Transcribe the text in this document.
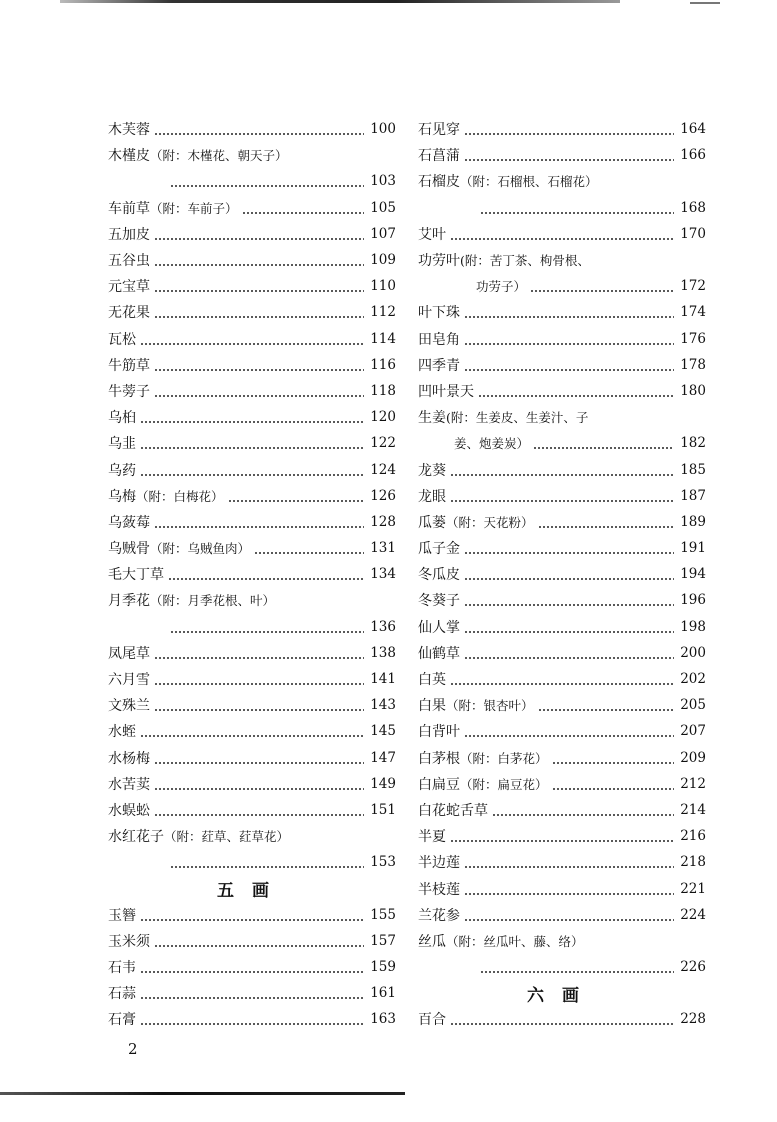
木芙蓉	100
木槿皮 （附：木槿花、朝天子）
103
车前草 （附：车前子）	105
五加皮	107
五谷虫	109
元宝草	110
无花果	112
瓦松	114
牛筋草	116
牛蒡子	118
乌桕	120
乌韭	122
乌药	124
乌梅 （附：白梅花）	126
乌蔹莓	128
乌贼骨 （附：乌贼鱼肉）	131
毛大丁草	134
月季花 （附：月季花根、叶）
136
凤尾草	138
六月雪	141
文殊兰	143
水蛭	145
水杨梅	147
水苦荬	149
水蜈蚣	151
水红花子 （附：荭草、荭草花）
153
五画
玉簪	155
玉米须	157
石韦	159
石蒜	161
石膏	163
石见穿	164
石菖蒲	166
石榴皮 （附：石榴根、石榴花）
168
艾叶	170
功劳叶 (附：苦丁茶、枸骨根、
功劳子）	172
叶下珠	174
田皂角	176
四季青	178
凹叶景天	180
生姜 (附：生姜皮、生姜汁、子
姜、炮姜炭）	182
龙葵	185
龙眼	187
瓜蒌 （附：天花粉）	189
瓜子金	191
冬瓜皮	194
冬葵子	196
仙人掌	198
仙鹤草	200
白英	202
白果 （附：银杏叶）	205
白背叶	207
白茅根 （附：白茅花）	209
白扁豆 （附：扁豆花）	212
白花蛇舌草	214
半夏	216
半边莲	218
半枝莲	221
兰花参	224
丝瓜 （附：丝瓜叶、藤、络）
226
六画
百合	228
2
